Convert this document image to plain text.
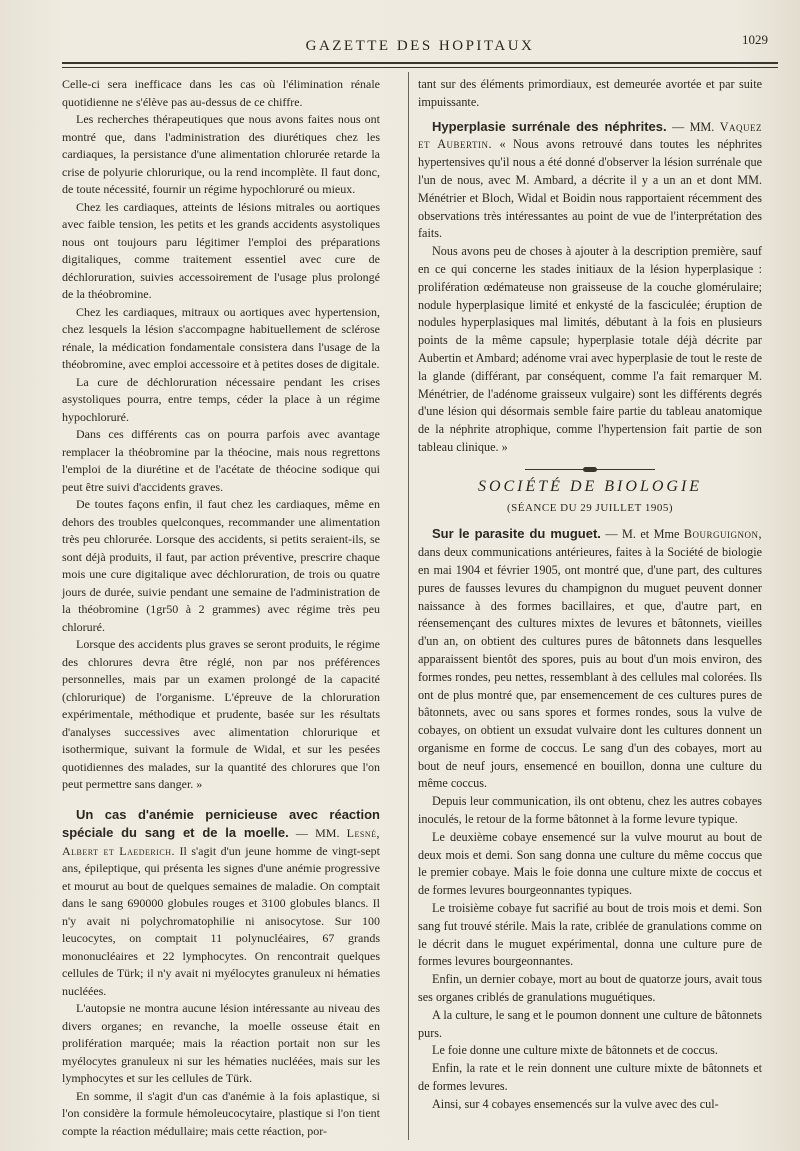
GAZETTE DES HOPITAUX	1029

Celle-ci sera inefficace dans les cas où l'élimination rénale quotidienne ne s'élève pas au-dessus de ce chiffre.

Les recherches thérapeutiques que nous avons faites nous ont montré que, dans l'administration des diurétiques chez les cardiaques, la persistance d'une alimentation chlorurée retarde la crise de polyurie chlorurique, ou la rend incomplète. Il faut donc, de toute nécessité, fournir un régime hypochloruré ou mieux.

Chez les cardiaques, atteints de lésions mitrales ou aortiques avec faible tension, les petits et les grands accidents asystoliques nous ont toujours paru légitimer l'emploi des préparations digitaliques, comme traitement essentiel avec cure de déchloruration, suivies accessoirement de l'usage plus prolongé de la théobromine.

Chez les cardiaques, mitraux ou aortiques avec hypertension, chez lesquels la lésion s'accompagne habituellement de sclérose rénale, la médication fondamentale consistera dans l'usage de la théobromine, avec emploi accessoire et à petites doses de digitale.

La cure de déchloruration nécessaire pendant les crises asystoliques pourra, entre temps, céder la place à un régime hypochloruré.

Dans ces différents cas on pourra parfois avec avantage remplacer la théobromine par la théocine, mais nous regrettons l'emploi de la diurétine et de l'acétate de théocine sodique qui peut être suivi d'accidents graves.

De toutes façons enfin, il faut chez les cardiaques, même en dehors des troubles quelconques, recommander une alimentation très peu chlorurée. Lorsque des accidents, si petits seraient-ils, se sont déjà produits, il faut, par action préventive, prescrire chaque mois une cure digitalique avec déchloruration, de trois ou quatre jours de durée, suivie pendant une semaine de l'administration de la théobromine (1gr50 à 2 grammes) avec régime très peu chloruré.

Lorsque des accidents plus graves se seront produits, le régime des chlorures devra être réglé, non par nos préférences personnelles, mais par un examen prolongé de la capacité (chlorurique) de l'organisme. L'épreuve de la chloruration expérimentale, méthodique et prudente, basée sur les résultats d'analyses successives avec alimentation chlorurique et isothermique, suivant la formule de Widal, et sur les pesées quotidiennes des malades, sur la quantité des chlorures que l'on peut permettre sans danger. »

Un cas d'anémie pernicieuse avec réaction spéciale du sang et de la moelle. — MM. Lesné, Albert et Laederich. Il s'agit d'un jeune homme de vingt-sept ans, épileptique, qui présenta les signes d'une anémie progressive et mourut au bout de quelques semaines de maladie. On comptait dans le sang 690000 globules rouges et 3100 globules blancs. Il n'y avait ni polychromatophilie ni anisocytose. Sur 100 leucocytes, on comptait 11 polynucléaires, 67 grands mononucléaires et 22 lymphocytes. On rencontrait quelques cellules de Türk; il n'y avait ni myélocytes granuleux ni hématies nucléées.

L'autopsie ne montra aucune lésion intéressante au niveau des divers organes; en revanche, la moelle osseuse était en prolifération marquée; mais la réaction portait non sur les myélocytes granuleux ni sur les hématies nucléées, mais sur les lymphocytes et sur les cellules de Türk.

En somme, il s'agit d'un cas d'anémie à la fois aplastique, si l'on considère la formule hémoleucocytaire, plastique si l'on tient compte la réaction médullaire; mais cette réaction, por-

tant sur des éléments primordiaux, est demeurée avortée et par suite impuissante.

Hyperplasie surrénale des néphrites. — MM. Vaquez et Aubertin. « Nous avons retrouvé dans toutes les néphrites hypertensives qu'il nous a été donné d'observer la lésion surrénale que l'un de nous, avec M. Ambard, a décrite il y a un an et dont MM. Ménétrier et Bloch, Widal et Boidin nous rapportaient récemment des observations très intéressantes au point de vue de l'interprétation des faits.

Nous avons peu de choses à ajouter à la description première, sauf en ce qui concerne les stades initiaux de la lésion hyperplasique : prolifération œdémateuse non graisseuse de la couche glomérulaire; nodule hyperplasique limité et enkysté de la fasciculée; éruption de nodules hyperplasiques mal limités, débutant à la fois en plusieurs points de la même capsule; hyperplasie totale déjà décrite par Aubertin et Ambard; adénome vrai avec hyperplasie de tout le reste de la glande (différant, par conséquent, comme l'a fait remarquer M. Ménétrier, de l'adénome graisseux vulgaire) sont les différents degrés d'une lésion qui désormais semble faire partie du tableau anatomique de la néphrite atrophique, comme l'hypertension fait partie de son tableau clinique. »

SOCIÉTÉ DE BIOLOGIE
(SÉANCE DU 29 JUILLET 1905)

Sur le parasite du muguet. — M. et Mme Bourguignon, dans deux communications antérieures, faites à la Société de biologie en mai 1904 et février 1905, ont montré que, d'une part, des cultures pures de fausses levures du champignon du muguet peuvent donner naissance à des formes bacillaires, et que, d'autre part, en réensemençant des cultures mixtes de levures et bâtonnets, vieilles d'un an, on obtient des cultures pures de bâtonnets dans lesquelles apparaissent bientôt des spores, puis au bout d'un mois environ, des formes rondes, peu nettes, ressemblant à des cellules mal colorées. Ils ont de plus montré que, par ensemencement de ces cultures pures de bâtonnets, avec ou sans spores et formes rondes, sous la vulve de cobayes, on obtient un exsudat vulvaire dont les cultures donnent un organisme en forme de coccus. Le sang d'un des cobayes, mort au bout de neuf jours, ensemencé en bouillon, donna une culture du même coccus.

Depuis leur communication, ils ont obtenu, chez les autres cobayes inoculés, le retour de la forme bâtonnet à la forme levure typique.

Le deuxième cobaye ensemencé sur la vulve mourut au bout de deux mois et demi. Son sang donna une culture du même coccus que le premier cobaye. Mais le foie donna une culture mixte de coccus et de formes levures bourgeonnantes typiques.

Le troisième cobaye fut sacrifié au bout de trois mois et demi. Son sang fut trouvé stérile. Mais la rate, criblée de granulations comme on le décrit dans le muguet expérimental, donna une culture pure de formes levures bourgeonnantes.

Enfin, un dernier cobaye, mort au bout de quatorze jours, avait tous ses organes criblés de granulations muguétiques.

A la culture, le sang et le poumon donnent une culture de bâtonnets purs.

Le foie donne une culture mixte de bâtonnets et de coccus.

Enfin, la rate et le rein donnent une culture mixte de bâtonnets et de formes levures.

Ainsi, sur 4 cobayes ensemencés sur la vulve avec des cul-
